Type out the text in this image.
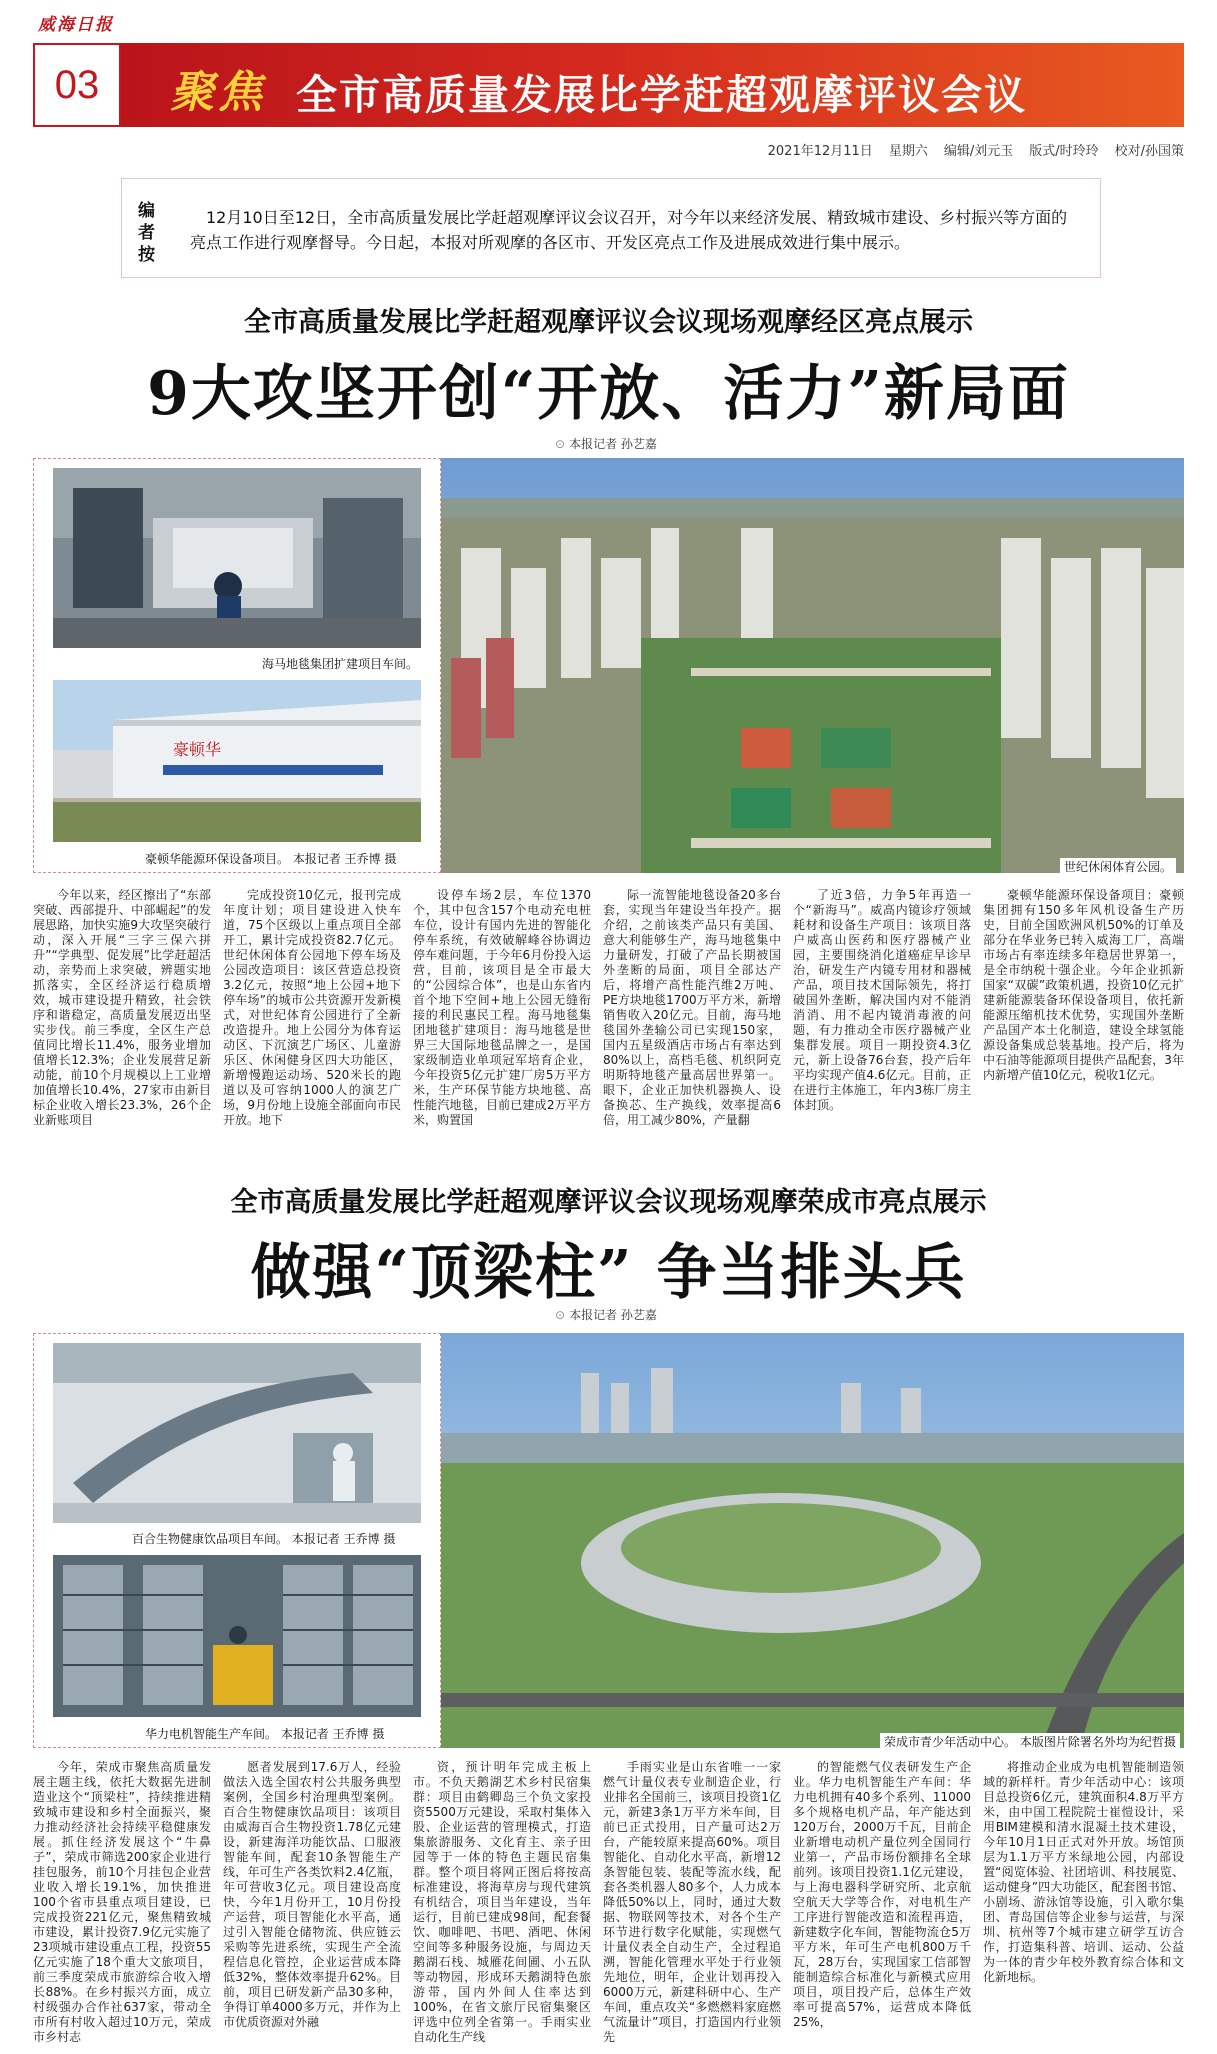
威海日报
03	聚焦 全市高质量发展比学赶超观摩评议会议
2021年12月11日 星期六 编辑/刘元玉 版式/时玲玲 校对/孙国策
编者按
12月10日至12日，全市高质量发展比学赶超观摩评议会议召开，对今年以来经济发展、精致城市建设、乡村振兴等方面的亮点工作进行观摩督导。今日起，本报对所观摩的各区市、开发区亮点工作及进展成效进行集中展示。
全市高质量发展比学赶超观摩评议会议现场观摩经区亮点展示
9大攻坚开创“开放、活力”新局面
⊙ 本报记者 孙艺嘉
海马地毯集团扩建项目车间。
豪顿华
豪顿华能源环保设备项目。 本报记者 王乔博 摄
世纪休闲体育公园。

今年以来，经区擦出了“东部突破、西部提升、中部崛起”的发展思路，加快实施9大攻坚突破行动，深入开展“三字三保六拼升”“学典型、促发展”比学赶超活动，亲势而上求突破，辨题实地抓落实，全区经济运行稳质增效，城市建设提升精致，社会铁序和谐稳定，高质量发展迈出坚实步伐。前三季度，全区生产总值同比增长11.4%，服务业增加值增长12.3%；企业发展营足新动能，前10个月规模以上工业增加值增长10.4%，27家市由新目标企业收入增长23.3%，26个企业新账项目

完成投资10亿元，报刊完成年度计划；项目建设进入快车道，75个区级以上重点项目全部开工，累计完成投资82.7亿元。世纪休闲体育公园地下停车场及公园改造项目：该区营造总投资3.2亿元，按照“地上公园+地下停车场”的城市公共资源开发新模式，对世纪体育公园进行了全新改造提升。地上公园分为体育运动区、下沉演艺广场区、儿童游乐区、休闲健身区四大功能区，新增慢跑运动场、520米长的跑道以及可容纳1000人的演艺广场，9月份地上设施全部面向市民开放。地下

设停车场2层，车位1370个，其中包含157个电动充电桩车位，设计有国内先进的智能化停车系统，有效破解峰谷协调边停车难问题，于今年6月份投入运营，目前，该项目是全市最大的“公园综合体”，也是山东省内首个地下空间+地上公园无缝衔接的利民惠民工程。海马地毯集团地毯扩建项目：海马地毯是世界三大国际地毯品牌之一，是国家级制造业单项冠军培育企业，今年投资5亿元扩建厂房5万平方米，生产环保节能方块地毯、高性能汽地毯，目前已建成2万平方米，购置国

际一流智能地毯设备20多台套，实现当年建设当年投产。据介绍，之前该类产品只有美国、意大利能够生产，海马地毯集中力量研发，打破了产品长期被国外垄断的局面，项目全部达产后，将增产高性能汽维2万吨、PE方块地毯1700万平方米，新增销售收入20亿元。目前，海马地毯国外垄输公司已实现150家，国内五星级酒店市场占有率达到80%以上，高档毛毯、机织阿克明斯特地毯产量高居世界第一。眼下，企业正加快机器换人、设备换芯、生产换线，效率提高6倍，用工减少80%，产量翻

了近3倍，力争5年再造一个“新海马”。威高内镜诊疗领域耗材和设备生产项目：该项目落户威高山医药和医疗器械产业园，主要围绕消化道癌症早诊早治，研发生产内镜专用材和器械产品，项目技术国际领先，将打破国外垄断，解决国内对不能消消消、用不起内镜消毒液的问题，有力推动全市医疗器械产业集群发展。项目一期投资4.3亿元，新上设备76台套，投产后年平均实现产值4.6亿元。目前，正在进行主体施工，年内3栋厂房主体封顶。

豪顿华能源环保设备项目：豪顿集团拥有150多年风机设备生产历史，目前全国欧洲风机50%的订单及部分在华业务已转入威海工厂，高端市场占有率连续多年稳居世界第一，是全市纳税十强企业。今年企业抓新国家“双碳”政策机遇，投资10亿元扩建新能源装备环保设备项目，依托新能源压缩机技术优势，实现国外垄断产品国产本土化制造，建设全球氢能源设备集成总装基地。投产后，将为中石油等能源项目提供产品配套，3年内新增产值10亿元，税收1亿元。

全市高质量发展比学赶超观摩评议会议现场观摩荣成市亮点展示
做强“顶梁柱” 争当排头兵
⊙ 本报记者 孙艺嘉
百合生物健康饮品项目车间。 本报记者 王乔博 摄
华力电机智能生产车间。 本报记者 王乔博 摄
荣成市青少年活动中心。 本版图片除署名外均为纪哲摄

今年，荣成市聚焦高质量发展主题主线，依托大数据先进制造业这个“顶梁柱”，持续推进精致城市建设和乡村全面振兴，聚力推动经济社会持续平稳健康发展。抓住经济发展这个“牛鼻子”，荣成市筛选200家企业进行挂包服务，前10个月挂包企业营业收入增长19.1%，加快推进100个省市县重点项目建设，已完成投资221亿元，聚焦精致城市建设，累计投资7.9亿元实施了23项城市建设重点工程，投资55亿元实施了18个重大文旅项目，前三季度荣成市旅游综合收入增长88%。在乡村振兴方面，成立村级强办合作社637家，带动全市所有村收入超过10万元，荣成市乡村志

愿者发展到17.6万人，经验做法入选全国农村公共服务典型案例，全国乡村治理典型案例。百合生物健康饮品项目：该项目由威海百合生物投资1.78亿元建设，新建海洋功能饮品、口服液智能车间，配套10条智能生产线，年可生产各类饮料2.4亿瓶，年可营收3亿元。项目建设高度快，今年1月份开工，10月份投产运营，项目智能化水平高，通过引入智能仓储物流、供应链云采购等先进系统，实现生产全流程信息化管控，企业运营成本降低32%，整体效率提升62%。目前，项目已研发新产品30多种，争得订单4000多万元，并作为上市优质资源对外融

资，预计明年完成主板上市。不负天鹅湖艺术乡村民宿集群：项目由鹤卿岛三个负文家投资5500万元建设，采取村集体入股、企业运营的管理模式，打造集旅游服务、文化育主、亲子田园等于一体的特色主题民宿集群。整个项目将网正图后将按高标准建设，将海草房与现代建筑有机结合，项目当年建设，当年运行，目前已建成98间，配套餐饮、咖啡吧、书吧、酒吧、休闲空间等多种服务设施，与周边天鹅湖石栈、城雁花间圃、小五队等动物园，形成环天鹅湖特色旅游带，国内外间人住率达到100%，在省文旅厅民宿集聚区评选中位列全省第一。手雨实业自动化生产线

手雨实业是山东省唯一一家燃气计量仪表专业制造企业，行业排名全国前三，该项目投资1亿元，新建3条1万平方米车间，目前已正式投用，日产量可达2万台，产能较原来提高60%。项目智能化、自动化水平高，新增12条智能包装、装配等流水线，配套各类机器人80多个，人力成本降低50%以上，同时，通过大数据、物联网等技术，对各个生产环节进行数字化赋能，实现燃气计量仪表全自动生产，全过程追溯，智能化管理水平处于行业领先地位，明年，企业计划再投入6000万元，新建科研中心、生产车间，重点攻关“多燃燃料家庭燃气流量计”项目，打造国内行业领先

的智能燃气仪表研发生产企业。华力电机智能生产车间：华力电机拥有40多个系列、11000多个规格电机产品，年产能达到120万台，2000万千瓦，目前企业新增电动机产量位列全国同行业第一，产品市场份额排名全球前列。该项目投资1.1亿元建设，与上海电器科学研究所、北京航空航天大学等合作，对电机生产工序进行智能改造和流程再造，新建数字化车间，智能物流仓5万平方米，年可生产电机800万千瓦，28万台，实现国家工信部智能制造综合标准化与新模式应用项目，项目投产后，总体生产效率可提高57%，运营成本降低25%，

将推动企业成为电机智能制造领域的新样杆。青少年活动中心：该项目总投资6亿元，建筑面积4.8万平方米，由中国工程院院士崔愷设计，采用BIM建模和清水混凝土技术建设，今年10月1日正式对外开放。场馆顶层为1.1万平方米绿地公园，内部设置“阅览体验、社团培训、科技展览、运动健身”四大功能区，配套图书馆、小剧场、游泳馆等设施，引入歌尔集团、青岛国信等企业参与运营，与深圳、杭州等7个城市建立研学互访合作，打造集科普、培训、运动、公益为一体的青少年校外教育综合体和文化新地标。
